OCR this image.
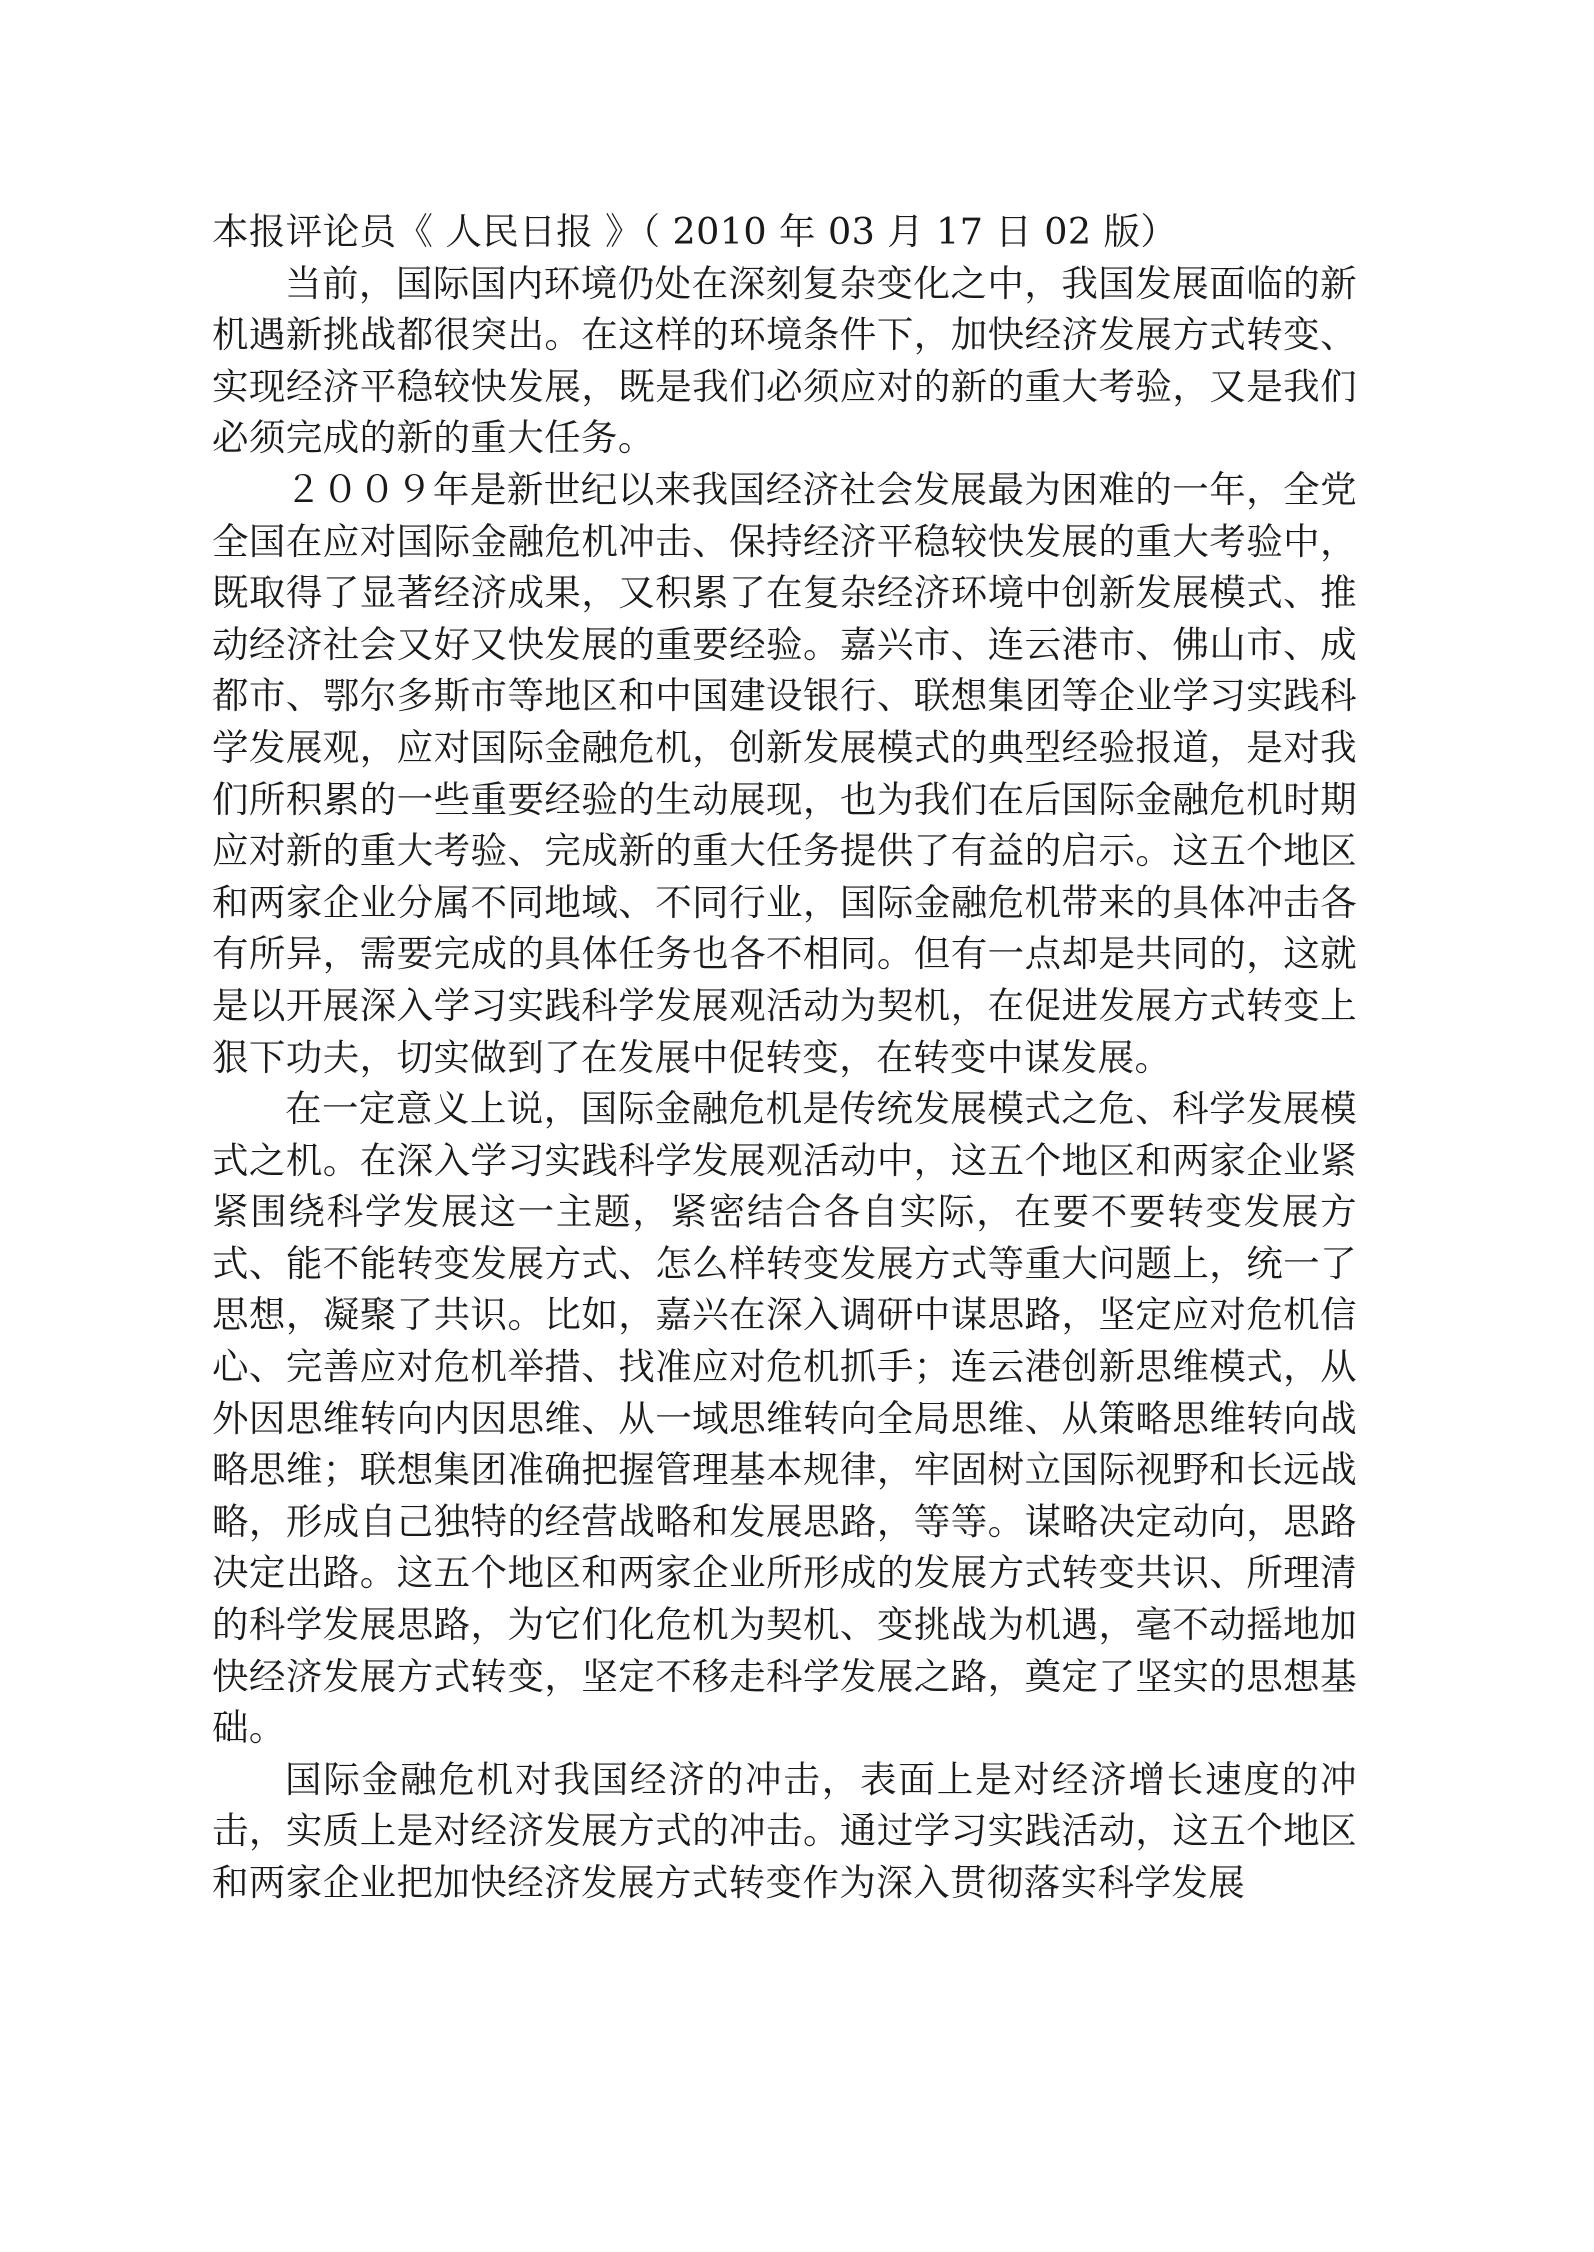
本报评论员《 人民日报 》（ 2010 年 03 月 17 日 02 版）

当前，国际国内环境仍处在深刻复杂变化之中，我国发展面临的新机遇新挑战都很突出。在这样的环境条件下，加快经济发展方式转变、实现经济平稳较快发展，既是我们必须应对的新的重大考验，又是我们必须完成的新的重大任务。

２００９年是新世纪以来我国经济社会发展最为困难的一年，全党全国在应对国际金融危机冲击、保持经济平稳较快发展的重大考验中，既取得了显著经济成果，又积累了在复杂经济环境中创新发展模式、推动经济社会又好又快发展的重要经验。嘉兴市、连云港市、佛山市、成都市、鄂尔多斯市等地区和中国建设银行、联想集团等企业学习实践科学发展观，应对国际金融危机，创新发展模式的典型经验报道，是对我们所积累的一些重要经验的生动展现，也为我们在后国际金融危机时期应对新的重大考验、完成新的重大任务提供了有益的启示。这五个地区和两家企业分属不同地域、不同行业，国际金融危机带来的具体冲击各有所异，需要完成的具体任务也各不相同。但有一点却是共同的，这就是以开展深入学习实践科学发展观活动为契机，在促进发展方式转变上狠下功夫，切实做到了在发展中促转变，在转变中谋发展。

在一定意义上说，国际金融危机是传统发展模式之危、科学发展模式之机。在深入学习实践科学发展观活动中，这五个地区和两家企业紧紧围绕科学发展这一主题，紧密结合各自实际，在要不要转变发展方式、能不能转变发展方式、怎么样转变发展方式等重大问题上，统一了思想，凝聚了共识。比如，嘉兴在深入调研中谋思路，坚定应对危机信心、完善应对危机举措、找准应对危机抓手；连云港创新思维模式，从外因思维转向内因思维、从一域思维转向全局思维、从策略思维转向战略思维；联想集团准确把握管理基本规律，牢固树立国际视野和长远战略，形成自己独特的经营战略和发展思路，等等。谋略决定动向，思路决定出路。这五个地区和两家企业所形成的发展方式转变共识、所理清的科学发展思路，为它们化危机为契机、变挑战为机遇，毫不动摇地加快经济发展方式转变，坚定不移走科学发展之路，奠定了坚实的思想基础。

国际金融危机对我国经济的冲击，表面上是对经济增长速度的冲击，实质上是对经济发展方式的冲击。通过学习实践活动，这五个地区和两家企业把加快经济发展方式转变作为深入贯彻落实科学发展
